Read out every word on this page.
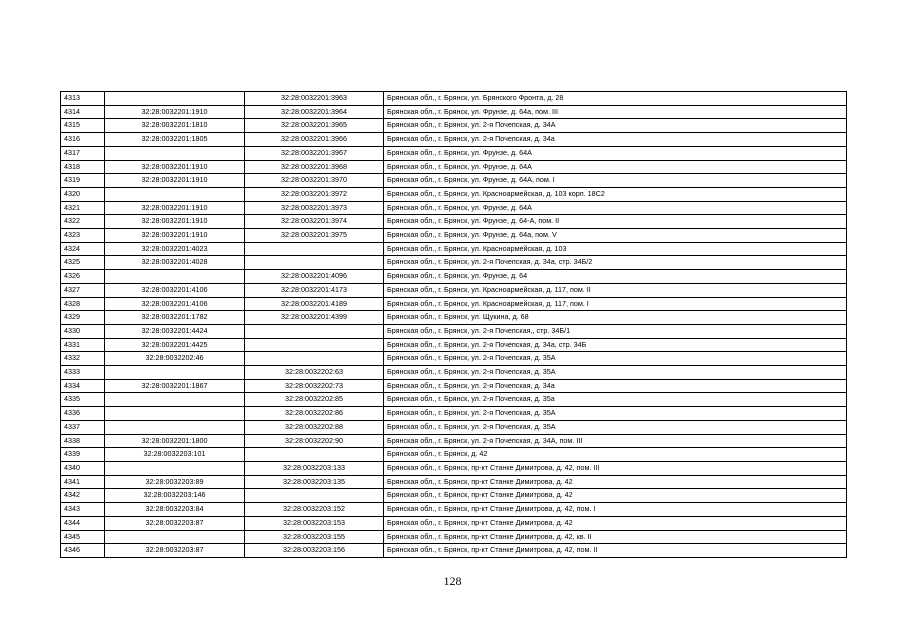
4313		32:28:0032201:3963	Брянская обл., г. Брянск, ул. Брянского Фронта, д. 28
4314	32:28:0032201:1910	32:28:0032201:3964	Брянская обл., г. Брянск, ул. Фрунзе, д. 64а, пом. III
4315	32:28:0032201:1810	32:28:0032201:3965	Брянская обл., г. Брянск, ул. 2-я Почепская, д. 34А
4316	32:28:0032201:1805	32:28:0032201:3966	Брянская обл., г. Брянск, ул. 2-я Почепская, д. 34а
4317		32:28:0032201:3967	Брянская обл., г. Брянск, ул. Фрунзе, д. 64А
4318	32:28:0032201:1910	32:28:0032201:3968	Брянская обл., г. Брянск, ул. Фрунзе, д. 64А
4319	32:28:0032201:1910	32:28:0032201:3970	Брянская обл., г. Брянск, ул. Фрунзе, д. 64А, пом. I
4320		32:28:0032201:3972	Брянская обл., г. Брянск, ул. Красноармейская, д. 103 корп. 18С2
4321	32:28:0032201:1910	32:28:0032201:3973	Брянская обл., г. Брянск, ул. Фрунзе, д. 64А
4322	32:28:0032201:1910	32:28:0032201:3974	Брянская обл., г. Брянск, ул. Фрунзе, д. 64-А, пом. II
4323	32:28:0032201:1910	32:28:0032201:3975	Брянская обл., г. Брянск, ул. Фрунзе, д. 64а, пом. V
4324	32:28:0032201:4023		Брянская обл., г. Брянск, ул. Красноармейская, д. 103
4325	32:28:0032201:4028		Брянская обл., г. Брянск, ул. 2-я Почепская, д. 34а, стр. 34Б/2
4326		32:28:0032201:4096	Брянская обл., г. Брянск, ул. Фрунзе, д. 64
4327	32:28:0032201:4106	32:28:0032201:4173	Брянская обл., г. Брянск, ул. Красноармейская, д. 117, пом. II
4328	32:28:0032201:4106	32:28:0032201:4189	Брянская обл., г. Брянск, ул. Красноармейская, д. 117, пом. I
4329	32:28:0032201:1782	32:28:0032201:4399	Брянская обл., г. Брянск, ул. Щукина, д. 68
4330	32:28:0032201:4424		Брянская обл., г. Брянск, ул. 2-я Почепская,, стр. 34Б/1
4331	32:28:0032201:4425		Брянская обл., г. Брянск, ул. 2-я Почепская, д. 34а, стр. 34Б
4332	32:28:0032202:46		Брянская обл., г. Брянск, ул. 2-я Почепская, д. 35А
4333		32:28:0032202:63	Брянская обл., г. Брянск, ул. 2-я Почепская, д. 35А
4334	32:28:0032201:1867	32:28:0032202:73	Брянская обл., г. Брянск, ул. 2-я Почепская, д. 34а
4335		32:28:0032202:85	Брянская обл., г. Брянск, ул. 2-я Почепская, д. 35а
4336		32:28:0032202:86	Брянская обл., г. Брянск, ул. 2-я Почепская, д. 35А
4337		32:28:0032202:88	Брянская обл., г. Брянск, ул. 2-я Почепская, д. 35А
4338	32:28:0032201:1800	32:28:0032202:90	Брянская обл., г. Брянск, ул. 2-я Почепская, д. 34А, пом. III
4339	32:28:0032203:101		Брянская обл., г. Брянск, д. 42
4340		32:28:0032203:133	Брянская обл., г. Брянск, пр-кт Станке Димитрова, д. 42, пом. III
4341	32:28:0032203:89	32:28:0032203:135	Брянская обл., г. Брянск, пр-кт Станке Димитрова, д. 42
4342	32:28:0032203:146		Брянская обл., г. Брянск, пр-кт Станке Димитрова, д. 42
4343	32:28:0032203:84	32:28:0032203:152	Брянская обл., г. Брянск, пр-кт Станке Димитрова, д. 42, пом. I
4344	32:28:0032203:87	32:28:0032203:153	Брянская обл., г. Брянск, пр-кт Станке Димитрова, д. 42
4345		32:28:0032203:155	Брянская обл., г. Брянск, пр-кт Станке Димитрова, д. 42, кв. II
4346	32:28:0032203:87	32:28:0032203:156	Брянская обл., г. Брянск, пр-кт Станке Димитрова, д. 42, пом. II
128
